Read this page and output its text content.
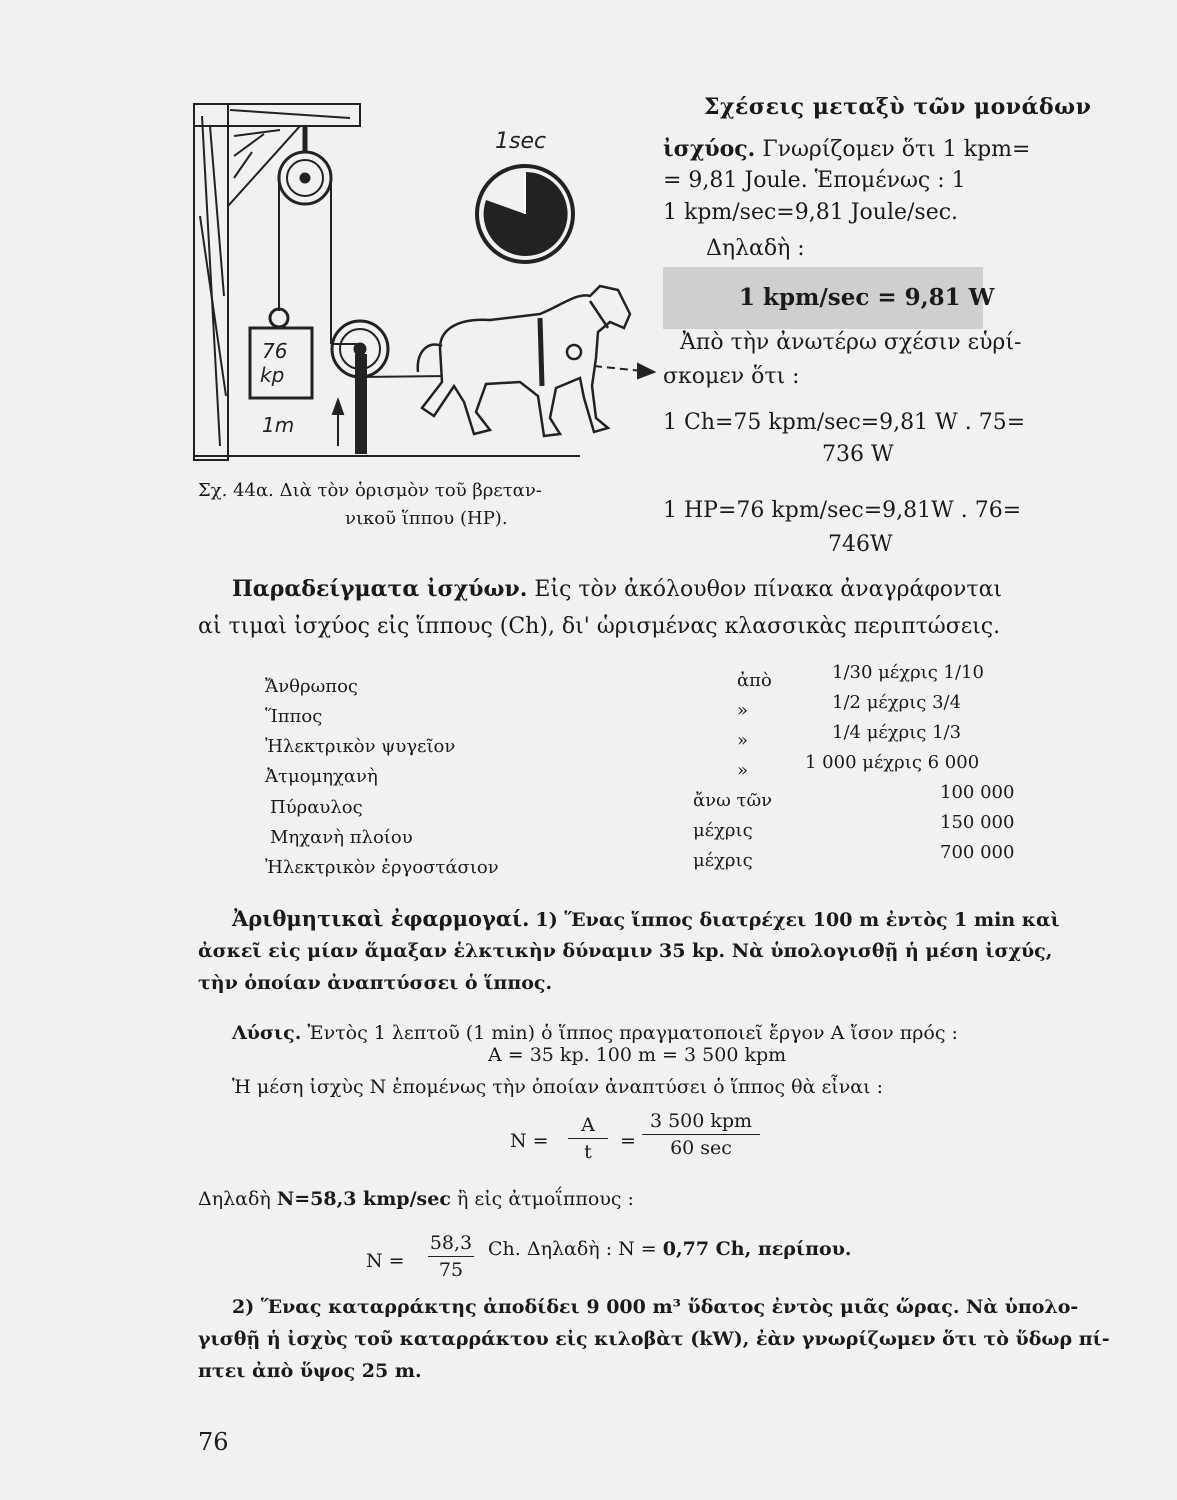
76
kp
1m
1sec
Σχ. 44α. Διὰ τὸν ὁρισμὸν τοῦ βρεταν-
νικοῦ ἵππου (HP).
Σχέσεις μεταξὺ τῶν μονάδων
ἰσχύος. Γνωρίζομεν ὅτι 1 kpm=
= 9,81 Joule. Ἑπομένως : 1
1 kpm/sec=9,81 Joule/sec.
Δηλαδὴ :
1 kpm/sec = 9,81 W
Ἀπὸ τὴν ἀνωτέρω σχέσιν εὑρί-
σκομεν ὅτι :
1 Ch=75 kpm/sec=9,81 W . 75=
736 W
1 HP=76 kpm/sec=9,81W . 76=
746W
Παραδείγματα ἰσχύων. Εἰς τὸν ἀκόλουθον πίνακα ἀναγράφονται
αἱ τιμαὶ ἰσχύος εἰς ἵππους (Ch), δι' ὡρισμένας κλασσικὰς περιπτώσεις.
Ἄνθρωπος	ἀπὸ	1/30 μέχρις 1/10
Ἵππος	»	1/2 μέχρις 3/4
Ἠλεκτρικὸν ψυγεῖον	»	1/4 μέχρις 1/3
Ἀτμομηχανὴ	»	1 000 μέχρις 6 000
Πύραυλος	ἄνω τῶν	100 000
Μηχανὴ πλοίου	μέχρις	150 000
Ἠλεκτρικὸν ἐργοστάσιον	μέχρις	700 000
Ἀριθμητικαὶ ἐφαρμογαί. 1) Ἕνας ἵππος διατρέχει 100 m ἐντὸς 1 min καὶ
ἀσκεῖ εἰς μίαν ἅμαξαν ἑλκτικὴν δύναμιν 35 kp. Νὰ ὑπολογισθῇ ἡ μέση ἰσχύς,
τὴν ὁποίαν ἀναπτύσσει ὁ ἵππος.
Λύσις. Ἐντὸς 1 λεπτοῦ (1 min) ὁ ἵππος πραγματοποιεῖ ἔργον A ἴσον πρός :
A = 35 kp. 100 m = 3 500 kpm
Ἡ μέση ἰσχὺς N ἑπομένως τὴν ὁποίαν ἀναπτύσει ὁ ἵππος θὰ εἶναι :
N =
A
t	=
3 500 kpm
60 sec
Δηλαδὴ N=58,3 kmp/sec ἢ εἰς ἀτμοΐππους :
N =
58,3
75
Ch. Δηλαδὴ : N = 0,77 Ch, περίπου.
2) Ἕνας καταρράκτης ἀποδίδει 9 000 m³ ὕδατος ἐντὸς μιᾶς ὥρας. Νὰ ὑπολο-
γισθῇ ἡ ἰσχὺς τοῦ καταρράκτου εἰς κιλοβὰτ (kW), ἐὰν γνωρίζωμεν ὅτι τὸ ὕδωρ πί-
πτει ἀπὸ ὕψος 25 m.
76
